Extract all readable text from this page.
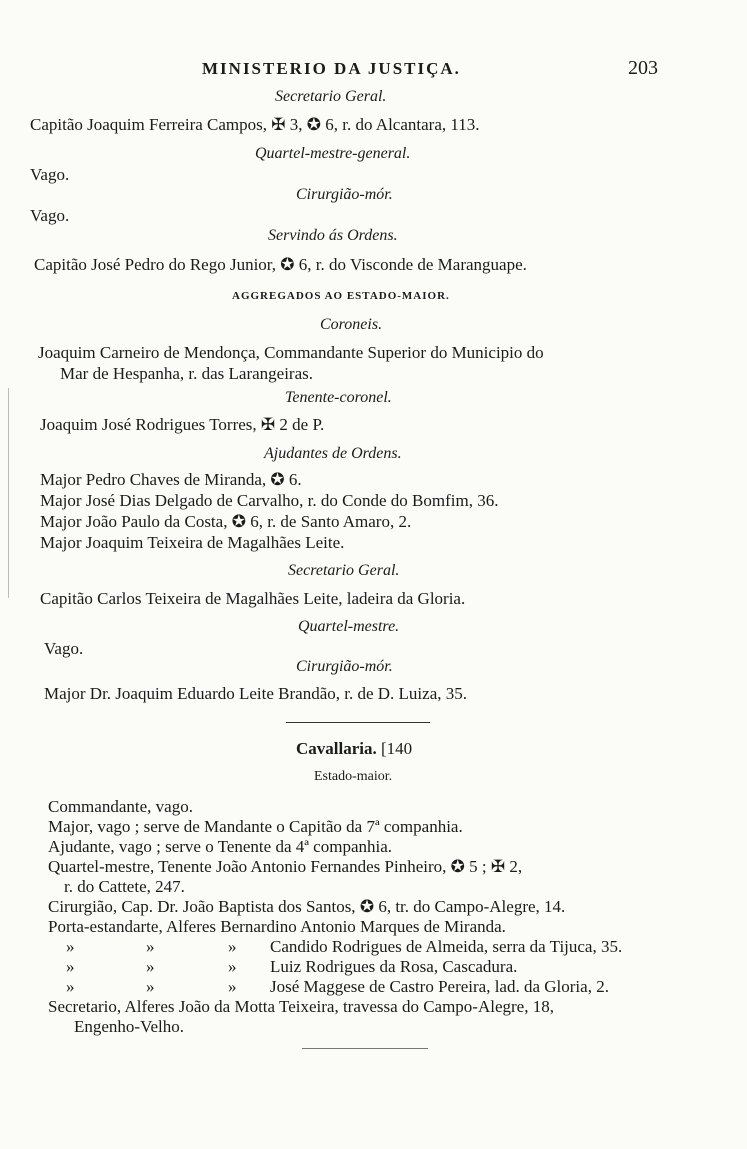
MINISTERIO DA JUSTIÇA.	203
Secretario Geral.
Capitão Joaquim Ferreira Campos, ✠ 3, ✪ 6, r. do Alcantara, 113.
Quartel-mestre-general.
Vago.
Cirurgião-mór.
Vago.
Servindo ás Ordens.
Capitão José Pedro do Rego Junior, ✪ 6, r. do Visconde de Maranguape.
AGGREGADOS AO ESTADO-MAIOR.
Coroneis.
Joaquim Carneiro de Mendonça, Commandante Superior do Municipio do
Mar de Hespanha, r. das Larangeiras.
Tenente-coronel.
Joaquim José Rodrigues Torres, ✠ 2 de P.
Ajudantes de Ordens.
Major Pedro Chaves de Miranda, ✪ 6.
Major José Dias Delgado de Carvalho, r. do Conde do Bomfim, 36.
Major João Paulo da Costa, ✪ 6, r. de Santo Amaro, 2.
Major Joaquim Teixeira de Magalhães Leite.
Secretario Geral.
Capitão Carlos Teixeira de Magalhães Leite, ladeira da Gloria.
Quartel-mestre.
Vago.
Cirurgião-mór.
Major Dr. Joaquim Eduardo Leite Brandão, r. de D. Luiza, 35.
Cavallaria. [140
Estado-maior.
Commandante, vago.
Major, vago ; serve de Mandante o Capitão da 7ª companhia.
Ajudante, vago ; serve o Tenente da 4ª companhia.
Quartel-mestre, Tenente João Antonio Fernandes Pinheiro, ✪ 5 ; ✠ 2,
r. do Cattete, 247.
Cirurgião, Cap. Dr. João Baptista dos Santos, ✪ 6, tr. do Campo-Alegre, 14.
Porta-estandarte, Alferes Bernardino Antonio Marques de Miranda.
»	»	» Candido Rodrigues de Almeida, serra da Tijuca, 35.
»	»	» Luiz Rodrigues da Rosa, Cascadura.
»	»	» José Maggese de Castro Pereira, lad. da Gloria, 2.
Secretario, Alferes João da Motta Teixeira, travessa do Campo-Alegre, 18,
Engenho-Velho.
